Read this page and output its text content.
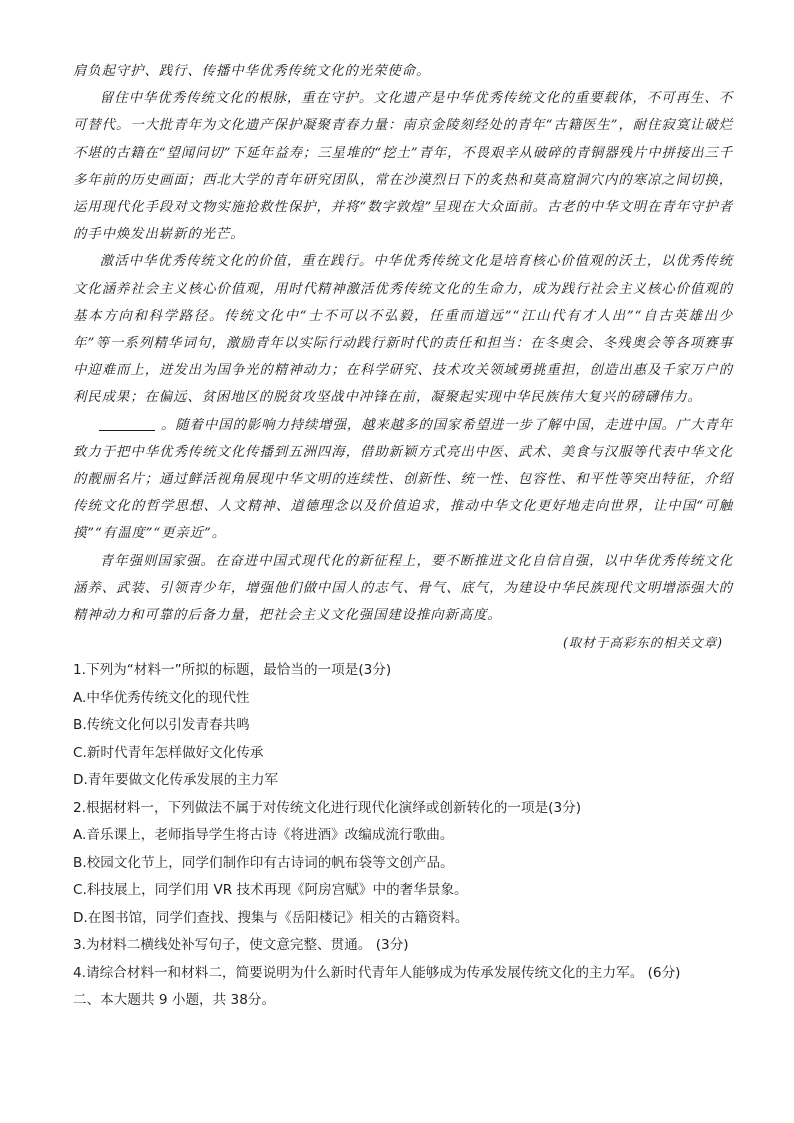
肩负起守护、践行、传播中华优秀传统文化的光荣使命。

留住中华优秀传统文化的根脉，重在守护。文化遗产是中华优秀传统文化的重要载体，不可再生、不可替代。一大批青年为文化遗产保护凝聚青春力量：南京金陵刻经处的青年“古籍医生”，耐住寂寞让破烂不堪的古籍在“望闻问切”下延年益寿；三星堆的“挖土”青年，不畏艰辛从破碎的青铜器残片中拼接出三千多年前的历史画面；西北大学的青年研究团队，常在沙漠烈日下的炙热和莫高窟洞穴内的寒凉之间切换，运用现代化手段对文物实施抢救性保护，并将“数字敦煌”呈现在大众面前。古老的中华文明在青年守护者的手中焕发出崭新的光芒。

激活中华优秀传统文化的价值，重在践行。中华优秀传统文化是培育核心价值观的沃土，以优秀传统文化涵养社会主义核心价值观，用时代精神激活优秀传统文化的生命力，成为践行社会主义核心价值观的基本方向和科学路径。传统文化中“士不可以不弘毅，任重而道远”“江山代有才人出”“自古英雄出少年”等一系列精华词句，激励青年以实际行动践行新时代的责任和担当：在冬奥会、冬残奥会等各项赛事中迎难而上，迸发出为国争光的精神动力；在科学研究、技术攻关领域勇挑重担，创造出惠及千家万户的利民成果；在偏远、贫困地区的脱贫攻坚战中冲锋在前，凝聚起实现中华民族伟大复兴的磅礴伟力。

。随着中国的影响力持续增强，越来越多的国家希望进一步了解中国，走进中国。广大青年致力于把中华优秀传统文化传播到五洲四海，借助新颖方式亮出中医、武术、美食与汉服等代表中华文化的靓丽名片；通过鲜活视角展现中华文明的连续性、创新性、统一性、包容性、和平性等突出特征，介绍传统文化的哲学思想、人文精神、道德理念以及价值追求，推动中华文化更好地走向世界，让中国“可触摸”“有温度”“更亲近”。

青年强则国家强。在奋进中国式现代化的新征程上，要不断推进文化自信自强，以中华优秀传统文化涵养、武装、引领青少年，增强他们做中国人的志气、骨气、底气，为建设中华民族现代文明增添强大的精神动力和可靠的后备力量，把社会主义文化强国建设推向新高度。

(取材于高彩东的相关文章)

1.下列为“材料一”所拟的标题，最恰当的一项是(3分)
A.中华优秀传统文化的现代性
B.传统文化何以引发青春共鸣
C.新时代青年怎样做好文化传承
D.青年要做文化传承发展的主力军
2.根据材料一，下列做法不属于对传统文化进行现代化演绎或创新转化的一项是(3分)
A.音乐课上，老师指导学生将古诗《将进酒》改编成流行歌曲。
B.校园文化节上，同学们制作印有古诗词的帆布袋等文创产品。
C.科技展上，同学们用 VR 技术再现《阿房宫赋》中的奢华景象。
D.在图书馆，同学们查找、搜集与《岳阳楼记》相关的古籍资料。
3.为材料二横线处补写句子，使文意完整、贯通。 (3分)
4.请综合材料一和材料二，简要说明为什么新时代青年人能够成为传承发展传统文化的主力军。 (6分)
二、本大题共 9 小题，共 38分。
